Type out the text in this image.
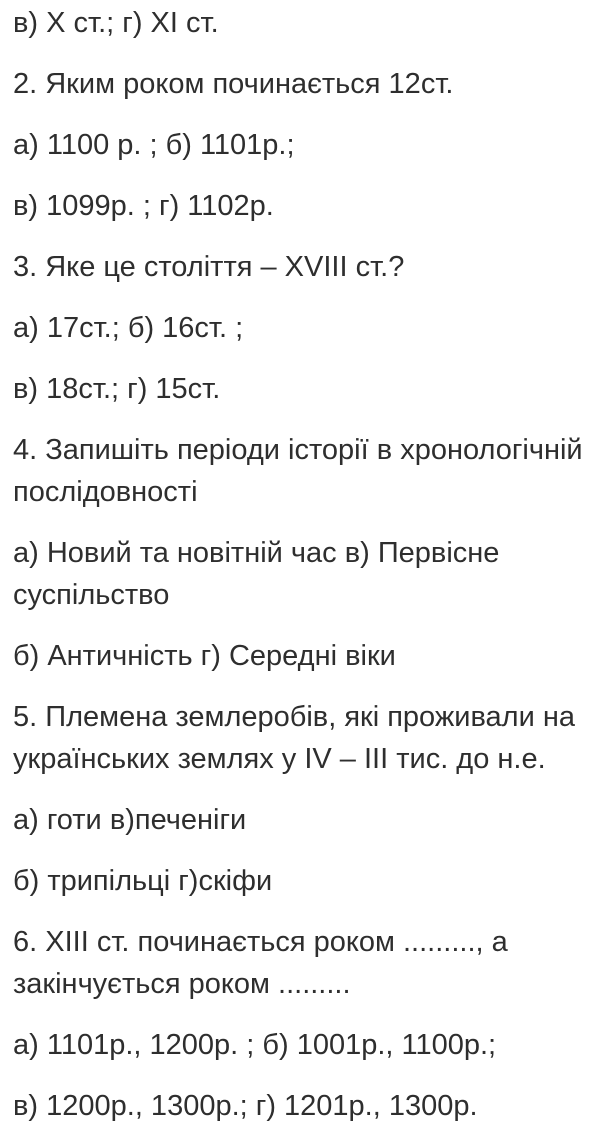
в) X ст.; г) XI ст.

2. Яким роком починається 12ст.

а) 1100 р. ; б) 1101р.;

в) 1099р. ; г) 1102р.

3. Яке це століття – XVIII ст.?

а) 17ст.; б) 16ст. ;

в) 18ст.; г) 15ст.

4. Запишіть періоди історії в хронологічній
послідовності

а) Новий та новітній час в) Первісне
суспільство

б) Античність г) Середні віки

5. Племена землеробів, які проживали на
українських землях у IV – III тис. до н.е.

а) готи в)печеніги

б) трипільці г)скіфи

6. XIII ст. починається роком ........., а
закінчується роком .........

а) 1101р., 1200р. ; б) 1001р., 1100р.;

в) 1200р., 1300р.; г) 1201р., 1300р.
